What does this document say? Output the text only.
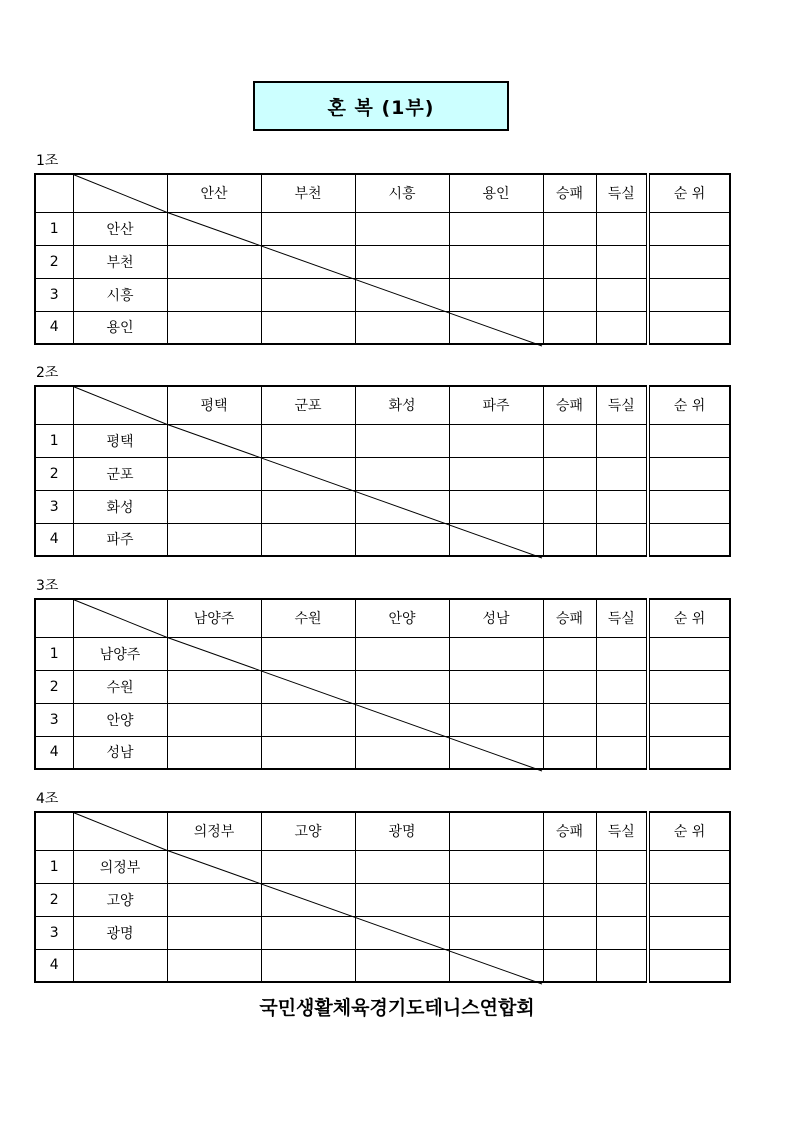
혼 복 (1부)
1조
		안산	부천	시흥	용인	승패	득실	순 위
1	안산							
2	부천							
3	시흥							
4	용인							
2조
		평택	군포	화성	파주	승패	득실	순 위
1	평택							
2	군포							
3	화성							
4	파주							
3조
		남양주	수원	안양	성남	승패	득실	순 위
1	남양주							
2	수원							
3	안양							
4	성남							
4조
		의정부	고양	광명		승패	득실	순 위
1	의정부							
2	고양							
3	광명							
4								
국민생활체육경기도테니스연합회
